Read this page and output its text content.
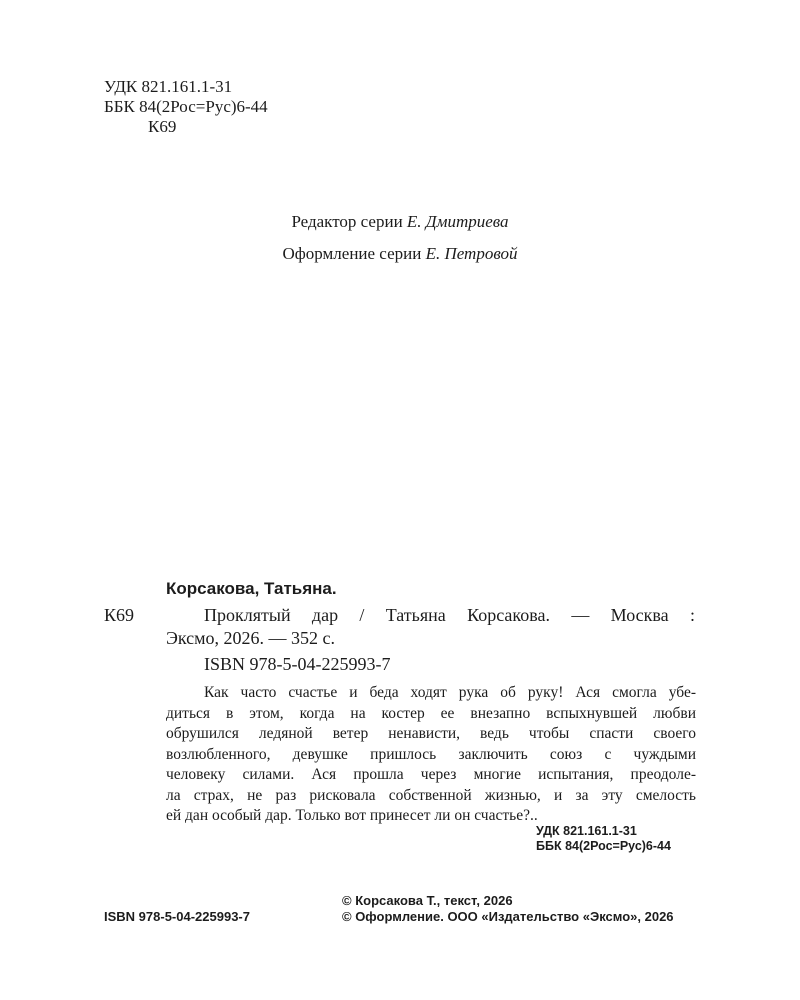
УДК 821.161.1-31
ББК 84(2Рос=Рус)6-44
К69
Редактор серии Е. Дмитриева
Оформление серии Е. Петровой
Корсакова, Татьяна.
К69	Проклятый дар / Татьяна Корсакова. — Москва :
Эксмо, 2026. — 352 с.
ISBN 978-5-04-225993-7
Как часто счастье и беда ходят рука об руку! Ася смогла убе-
диться в этом, когда на костер ее внезапно вспыхнувшей любви
обрушился ледяной ветер ненависти, ведь чтобы спасти своего
возлюбленного, девушке пришлось заключить союз с чуждыми
человеку силами. Ася прошла через многие испытания, преодоле-
ла страх, не раз рисковала собственной жизнью, и за эту смелость
ей дан особый дар. Только вот принесет ли он счастье?..
УДК 821.161.1-31
ББК 84(2Рос=Рус)6-44
ISBN 978-5-04-225993-7
© Корсакова Т., текст, 2026
© Оформление. ООО «Издательство «Эксмо», 2026
